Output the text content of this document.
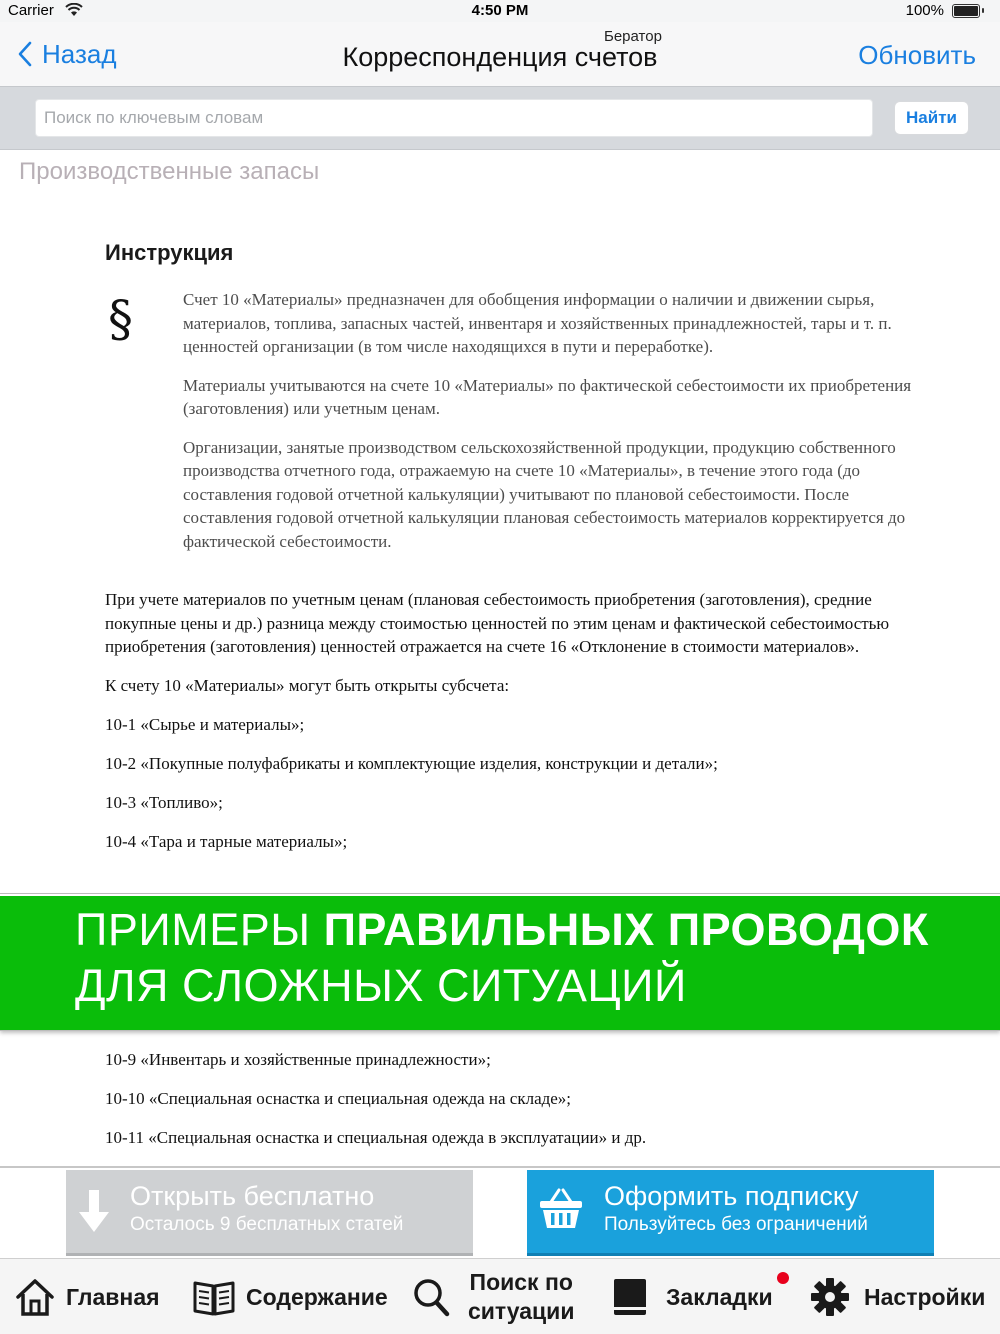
Carrier	4:50 PM	100%
Назад
Бератор
Корреспонденция счетов	Обновить
Поиск по ключевым словам
Найти
Производственные запасы
Инструкция
§	Счет 10 «Материалы» предназначен для обобщения информации о наличии и движении сырья, материалов, топлива, запасных частей, инвентаря и хозяйственных принадлежностей, тары и т. п. ценностей организации (в том числе находящихся в пути и переработке).

Материалы учитываются на счете 10 «Материалы» по фактической себестоимости их приобретения (заготовления) или учетным ценам.

Организации, занятые производством сельскохозяйственной продукции, продукцию собственного производства отчетного года, отражаемую на счете 10 «Материалы», в течение этого года (до составления годовой отчетной калькуляции) учитывают по плановой себестоимости. После составления годовой отчетной калькуляции плановая себестоимость материалов корректируется до фактической себестоимости.

При учете материалов по учетным ценам (плановая себестоимость приобретения (заготовления), средние покупные цены и др.) разница между стоимостью ценностей по этим ценам и фактической себестоимостью приобретения (заготовления) ценностей отражается на счете 16 «Отклонение в стоимости материалов».

К счету 10 «Материалы» могут быть открыты субсчета:

10-1 «Сырье и материалы»;

10-2 «Покупные полуфабрикаты и комплектующие изделия, конструкции и детали»;

10-3 «Топливо»;

10-4 «Тара и тарные материалы»;

10-9 «Инвентарь и хозяйственные принадлежности»;

10-10 «Специальная оснастка и специальная одежда на складе»;

10-11 «Специальная оснастка и специальная одежда в эксплуатации» и др.

ПРИМЕРЫ ПРАВИЛЬНЫХ ПРОВОДОК
ДЛЯ СЛОЖНЫХ СИТУАЦИЙ
Открыть бесплатно
Осталось 9 бесплатных статей
Оформить подписку
Пользуйтесь без ограничений
Главная	Содержание
Поиск по
ситуации
Закладки	Настройки
